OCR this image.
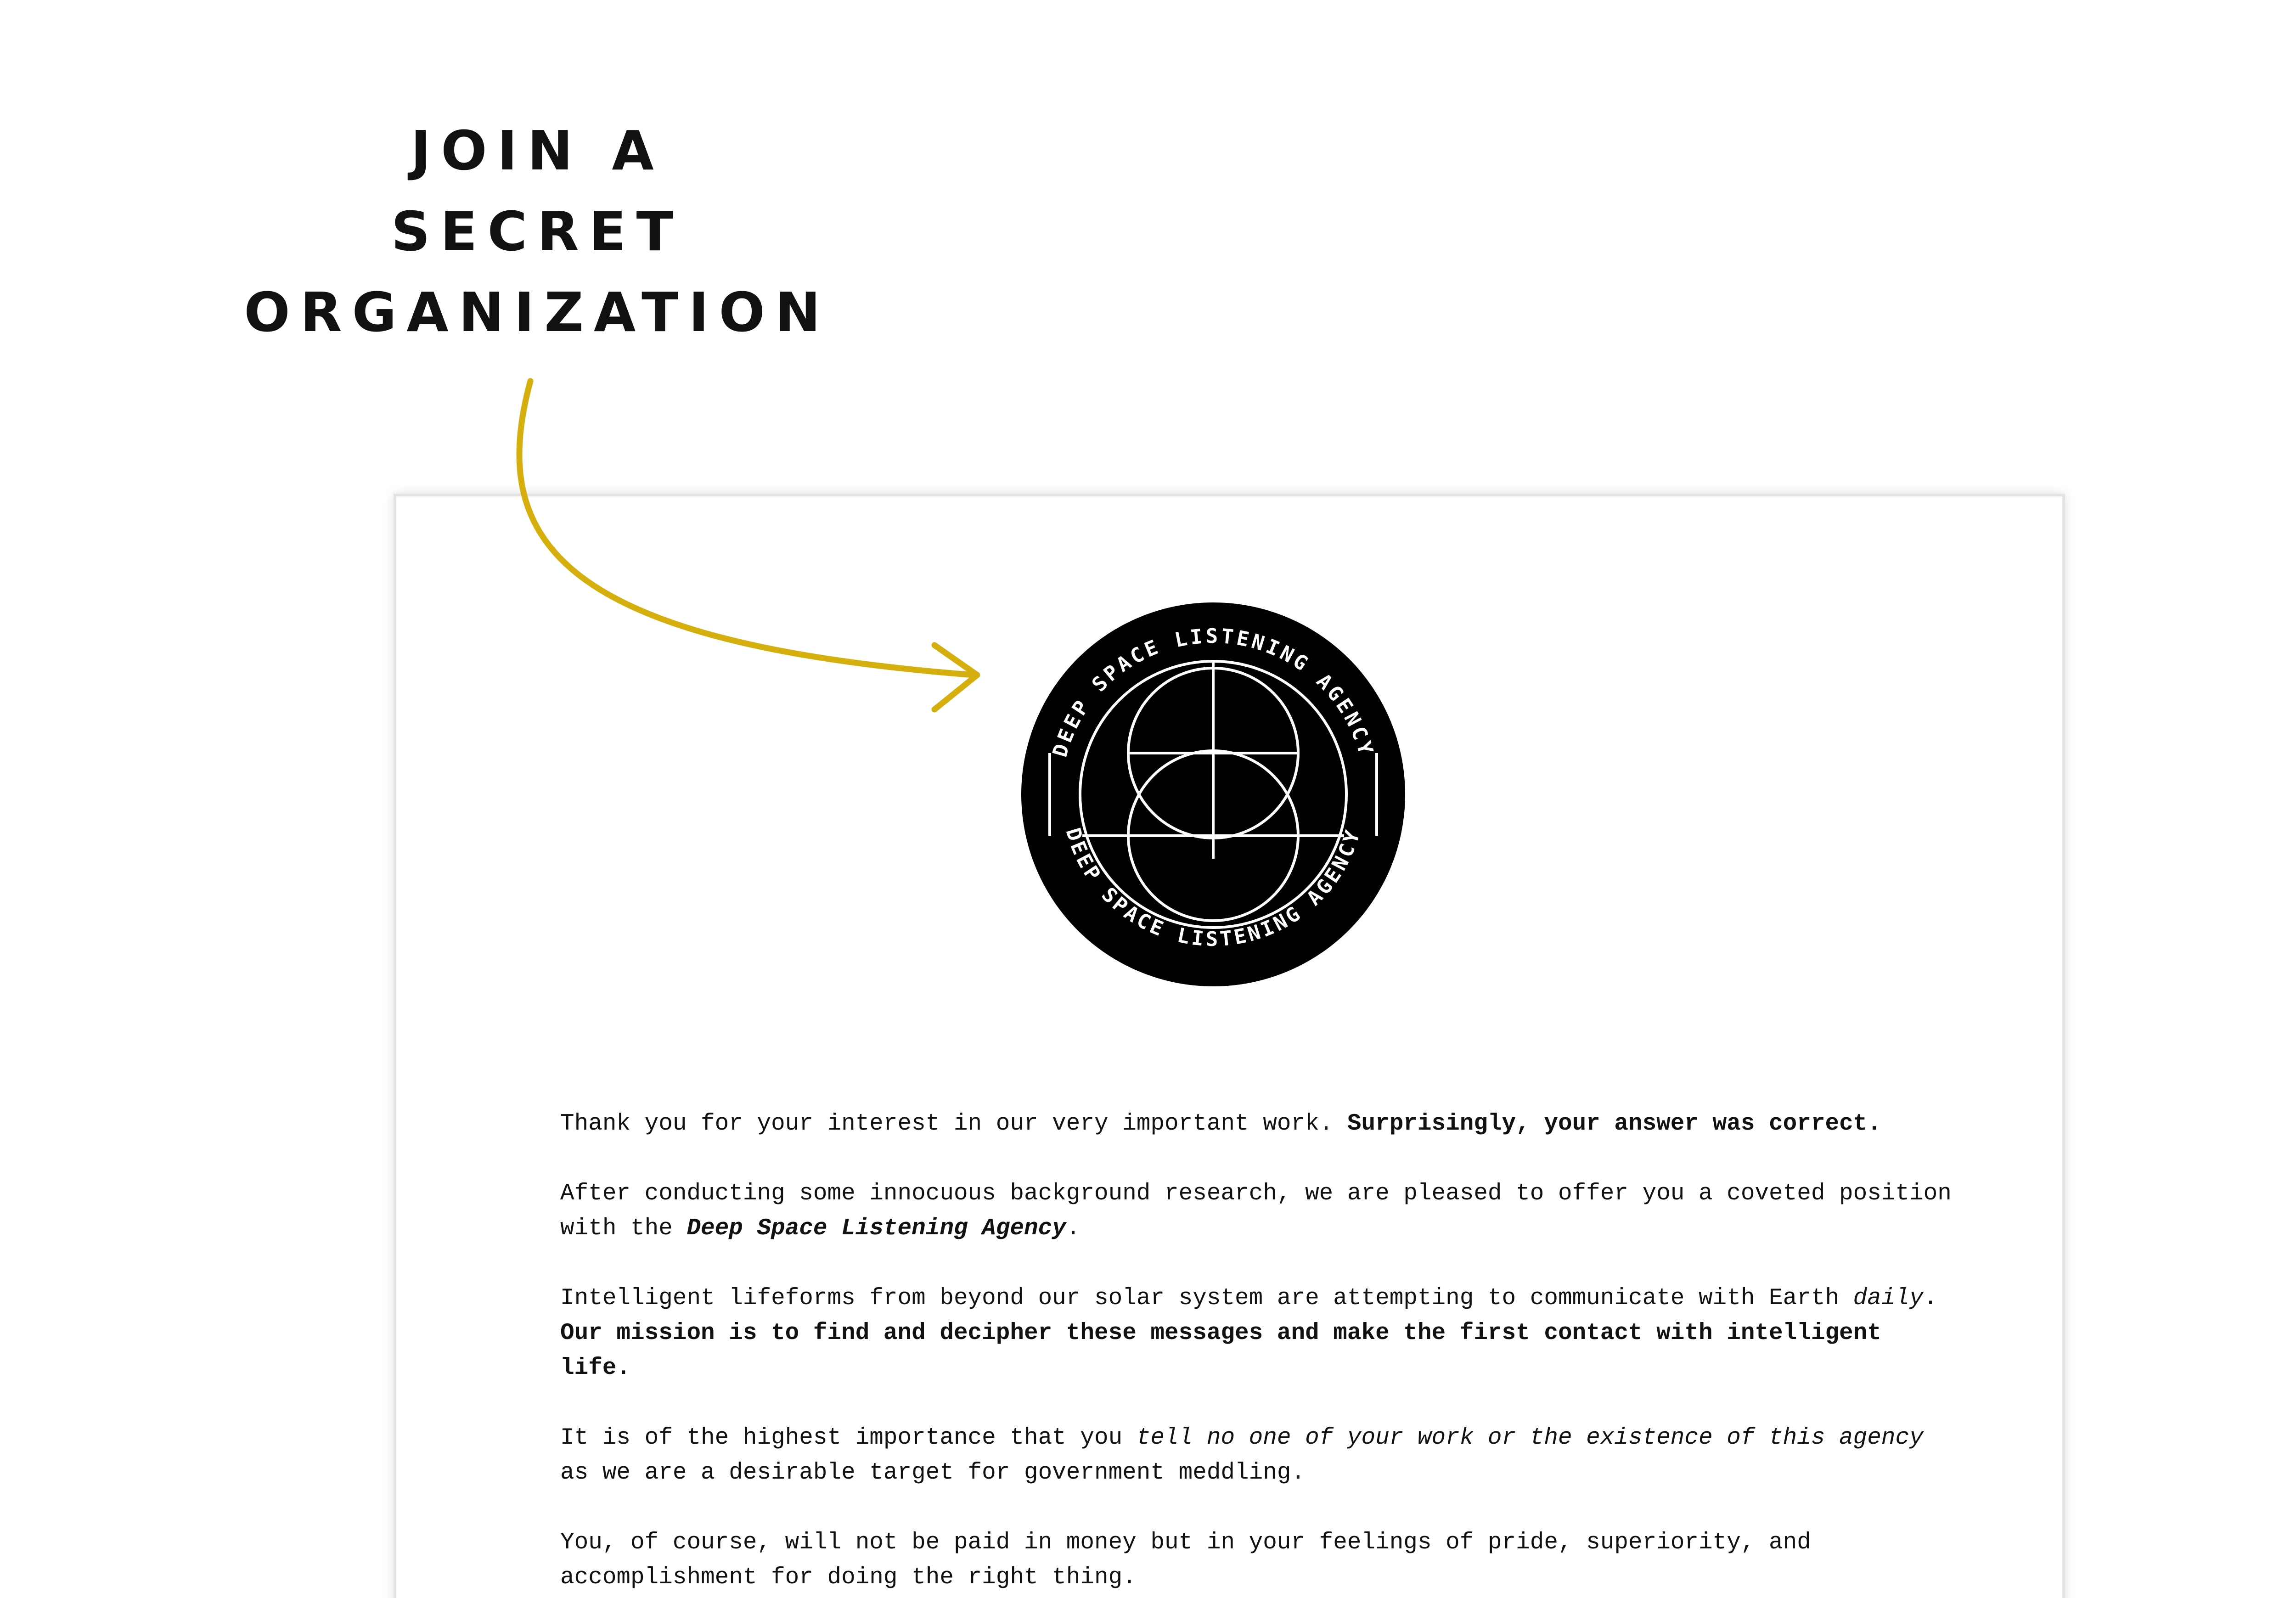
JOIN A
SECRET
ORGANIZATION
DEEP SPACE LISTENING AGENCY
DEEP SPACE LISTENING AGENCY

Thank you for your interest in our very important work. Surprisingly, your answer was correct.

After conducting some innocuous background research, we are pleased to offer you a coveted position with the Deep Space Listening Agency.

Intelligent lifeforms from beyond our solar system are attempting to communicate with Earth daily. Our mission is to find and decipher these messages and make the first contact with intelligent life.

It is of the highest importance that you tell no one of your work or the existence of this agency as we are a desirable target for government meddling.

You, of course, will not be paid in money but in your feelings of pride, superiority, and accomplishment for doing the right thing.
